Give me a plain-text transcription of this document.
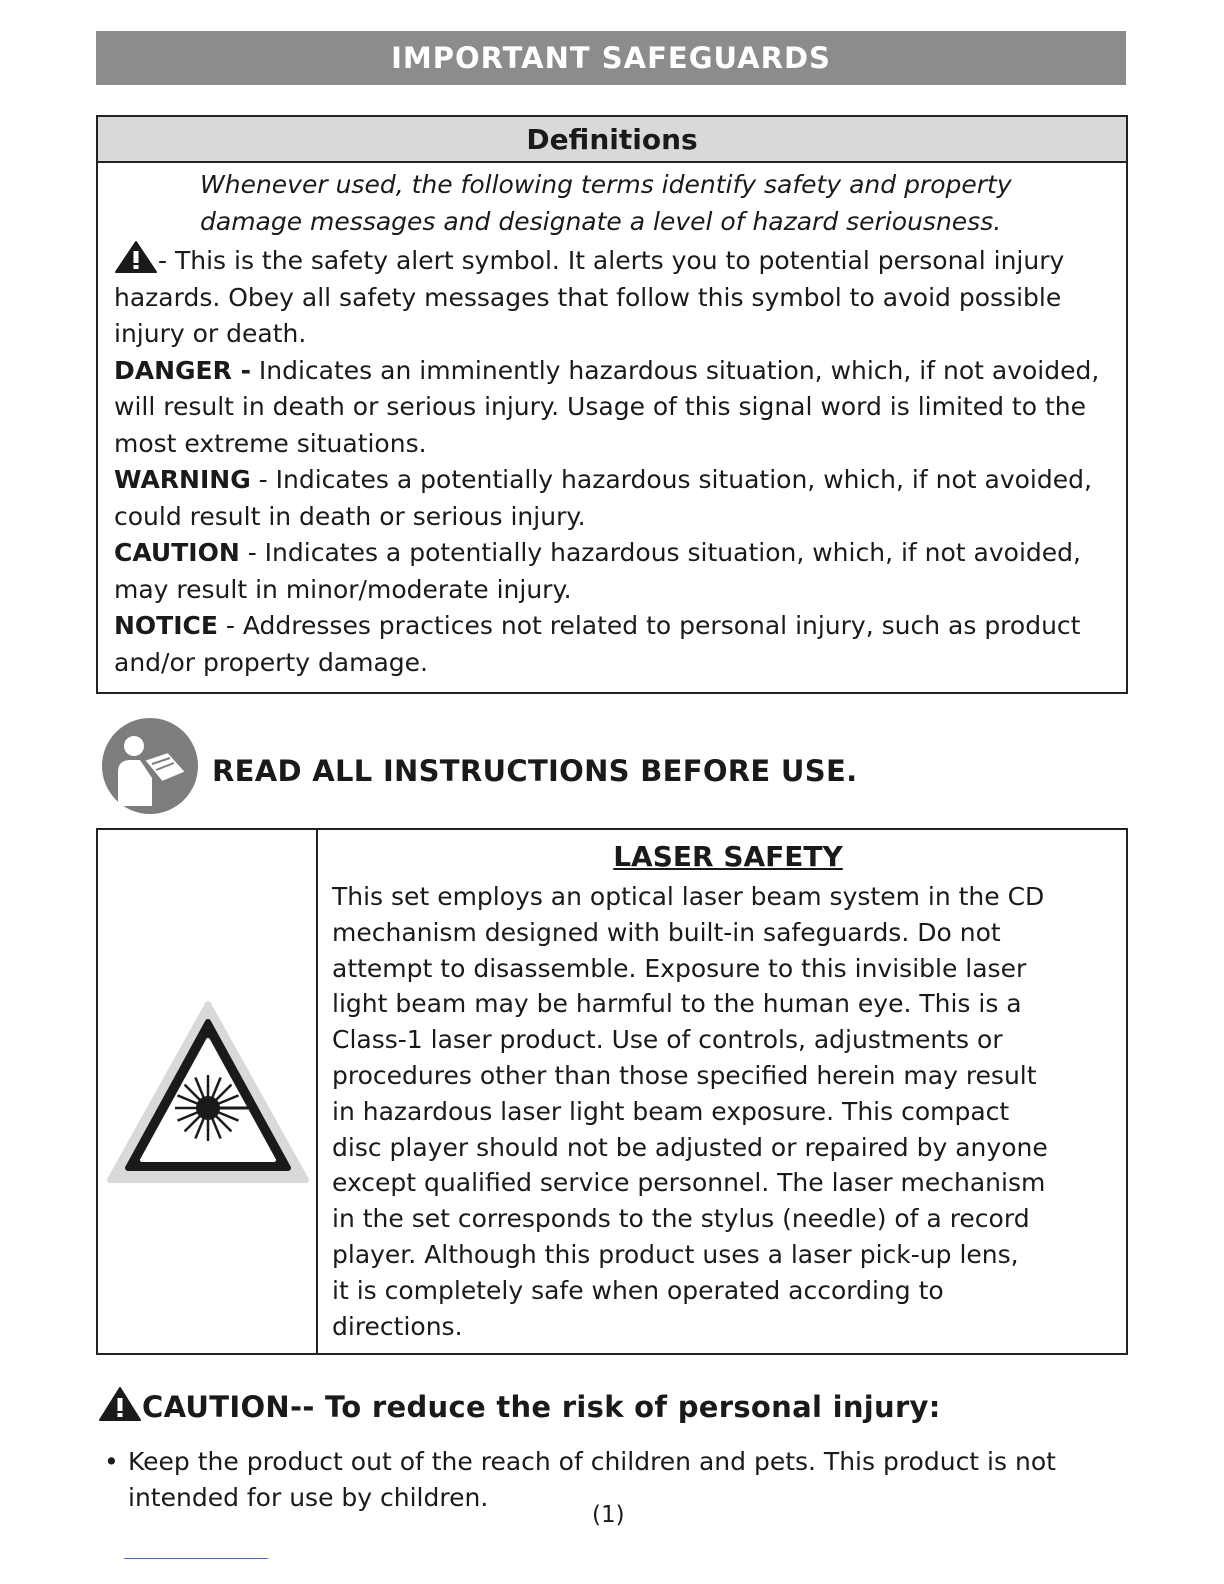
IMPORTANT SAFEGUARDS
Definitions
Whenever used, the following terms identify safety and property damage messages and designate a level of hazard seriousness.
- This is the safety alert symbol. It alerts you to potential personal injury hazards. Obey all safety messages that follow this symbol to avoid possible injury or death.
DANGER - Indicates an imminently hazardous situation, which, if not avoided, will result in death or serious injury. Usage of this signal word is limited to the most extreme situations.
WARNING - Indicates a potentially hazardous situation, which, if not avoided, could result in death or serious injury.
CAUTION - Indicates a potentially hazardous situation, which, if not avoided, may result in minor/moderate injury.
NOTICE - Addresses practices not related to personal injury, such as product and/or property damage.
READ ALL INSTRUCTIONS BEFORE USE.
LASER SAFETY
This set employs an optical laser beam system in the CD
mechanism designed with built-in safeguards. Do not
attempt to disassemble. Exposure to this invisible laser
light beam may be harmful to the human eye. This is a
Class-1 laser product. Use of controls, adjustments or
procedures other than those specified herein may result
in hazardous laser light beam exposure. This compact
disc player should not be adjusted or repaired by anyone
except qualified service personnel. The laser mechanism
in the set corresponds to the stylus (needle) of a record
player. Although this product uses a laser pick-up lens,
it is completely safe when operated according to
directions.
CAUTION-- To reduce the risk of personal injury:
• Keep the product out of the reach of children and pets. This product is not intended for use by children.
(1)
